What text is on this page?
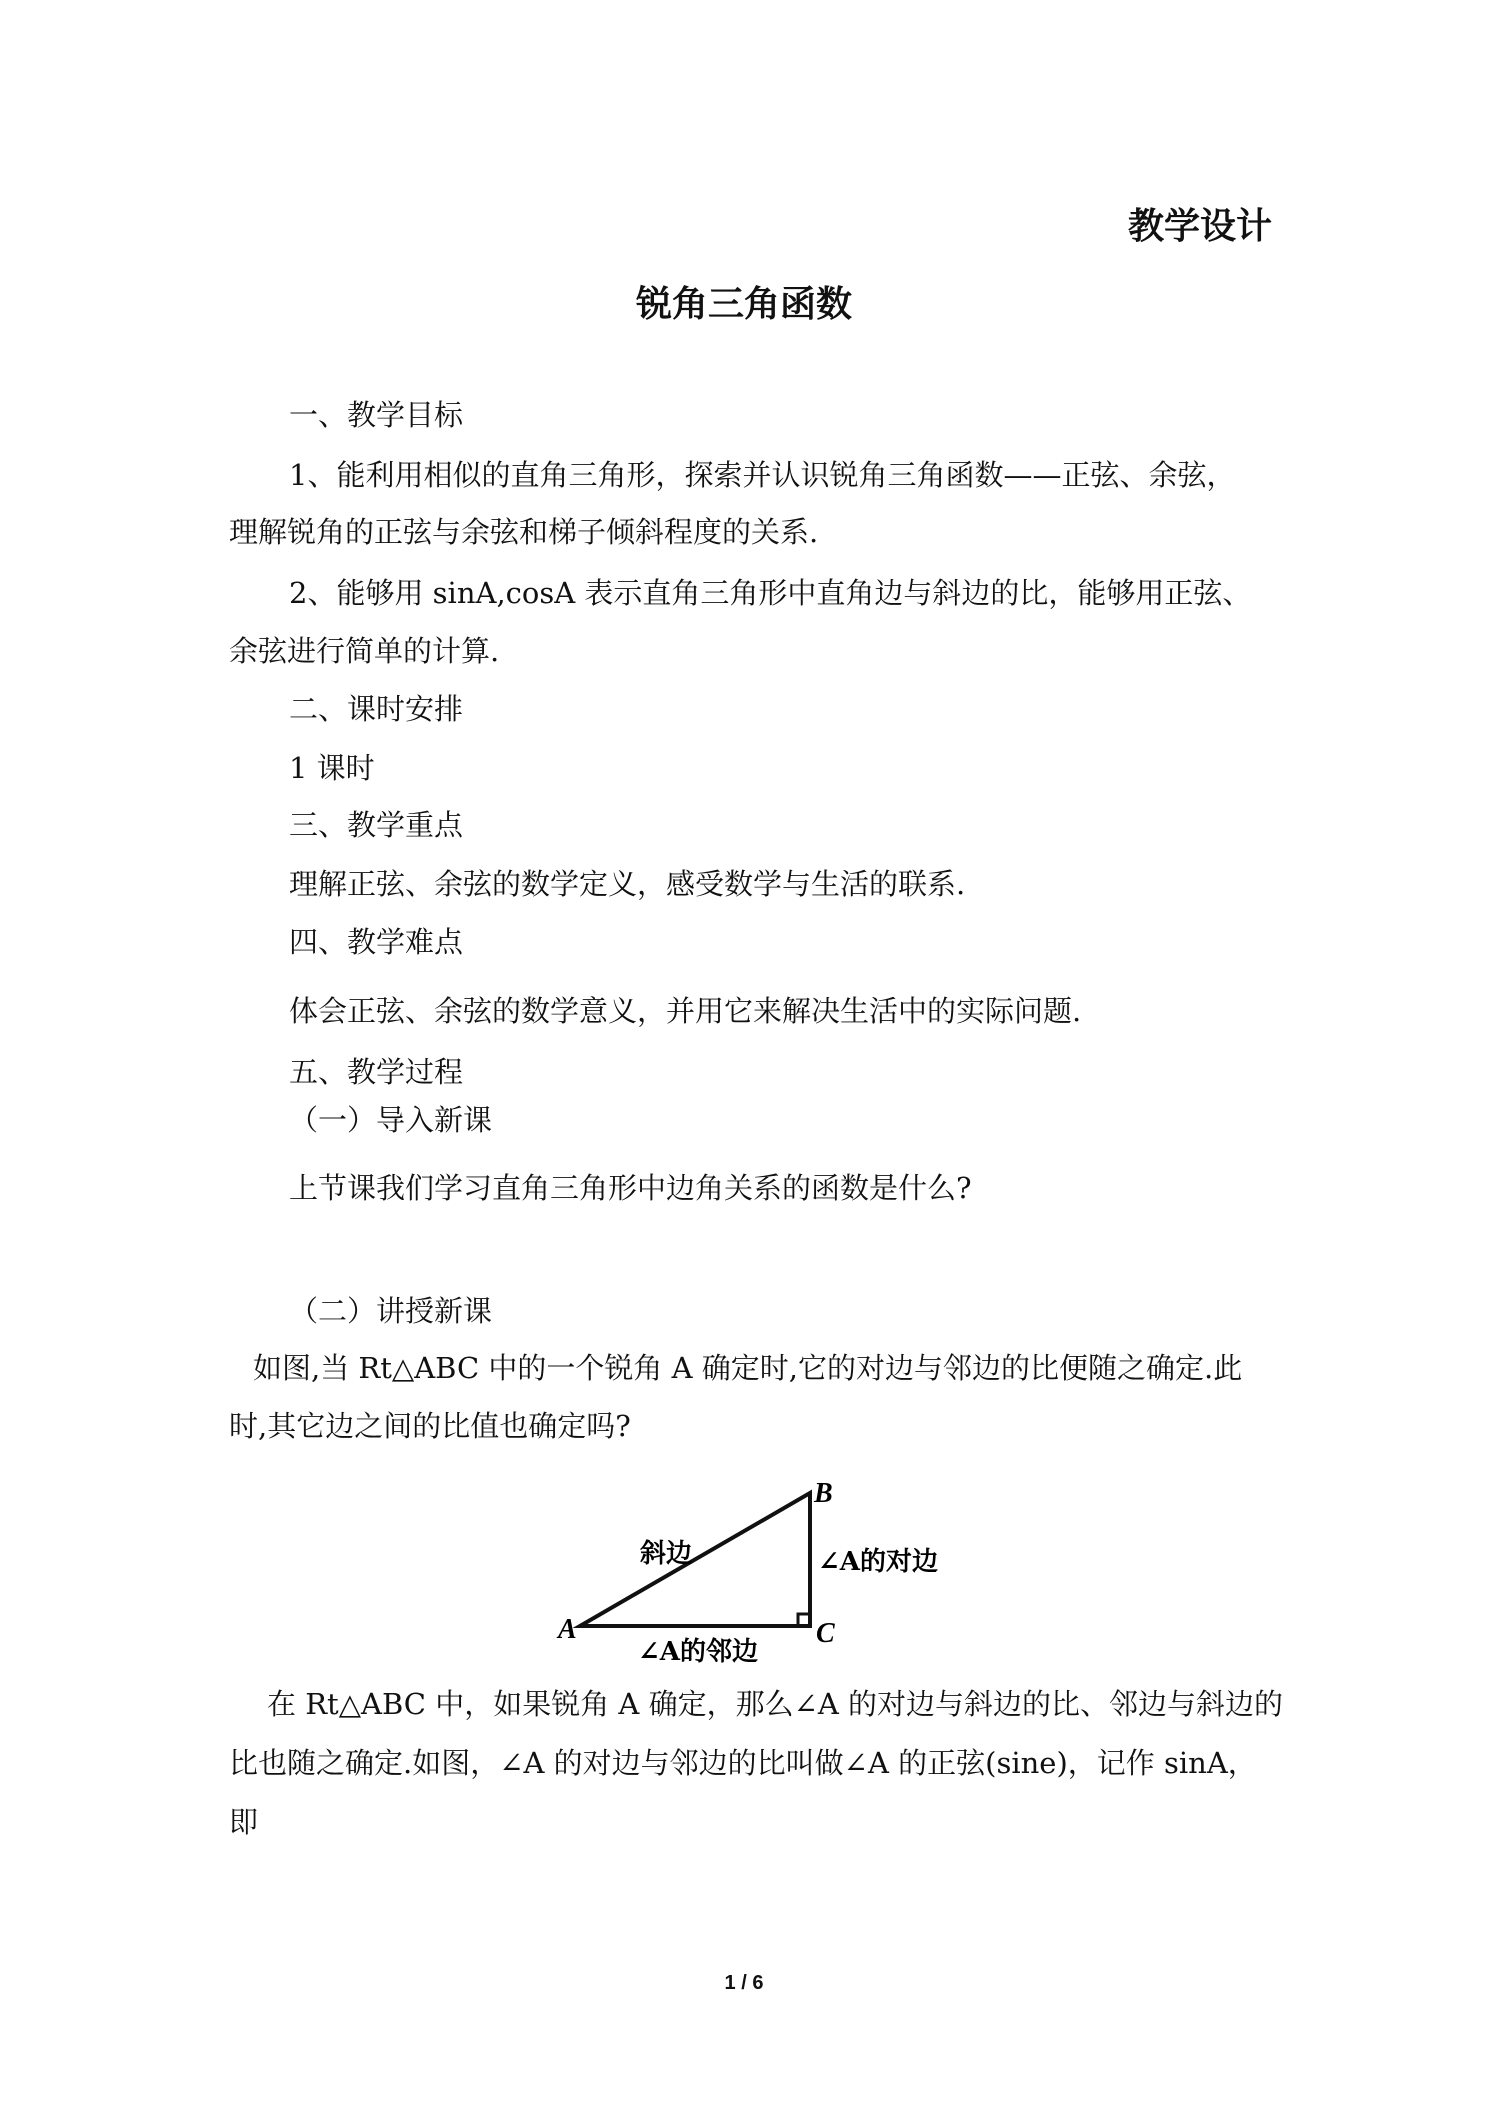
教学设计
锐角三角函数
一、教学目标
1、能利用相似的直角三角形，探索并认识锐角三角函数——正弦、余弦，
理解锐角的正弦与余弦和梯子倾斜程度的关系.
2、能够用 sinA,cosA 表示直角三角形中直角边与斜边的比，能够用正弦、
余弦进行简单的计算.
二、课时安排
1 课时
三、教学重点
理解正弦、余弦的数学定义，感受数学与生活的联系.
四、教学难点
体会正弦、余弦的数学意义，并用它来解决生活中的实际问题.
五、教学过程
（一）导入新课
上节课我们学习直角三角形中边角关系的函数是什么?
（二）讲授新课
如图,当 Rt△ABC 中的一个锐角 A 确定时,它的对边与邻边的比便随之确定.此
时,其它边之间的比值也确定吗?
A
B
C
斜边	∠A的对边
∠A的邻边
在 Rt△ABC 中，如果锐角 A 确定，那么∠A 的对边与斜边的比、邻边与斜边的
比也随之确定.如图，∠A 的对边与邻边的比叫做∠A 的正弦(sine)，记作 sinA，
即
1 / 6
